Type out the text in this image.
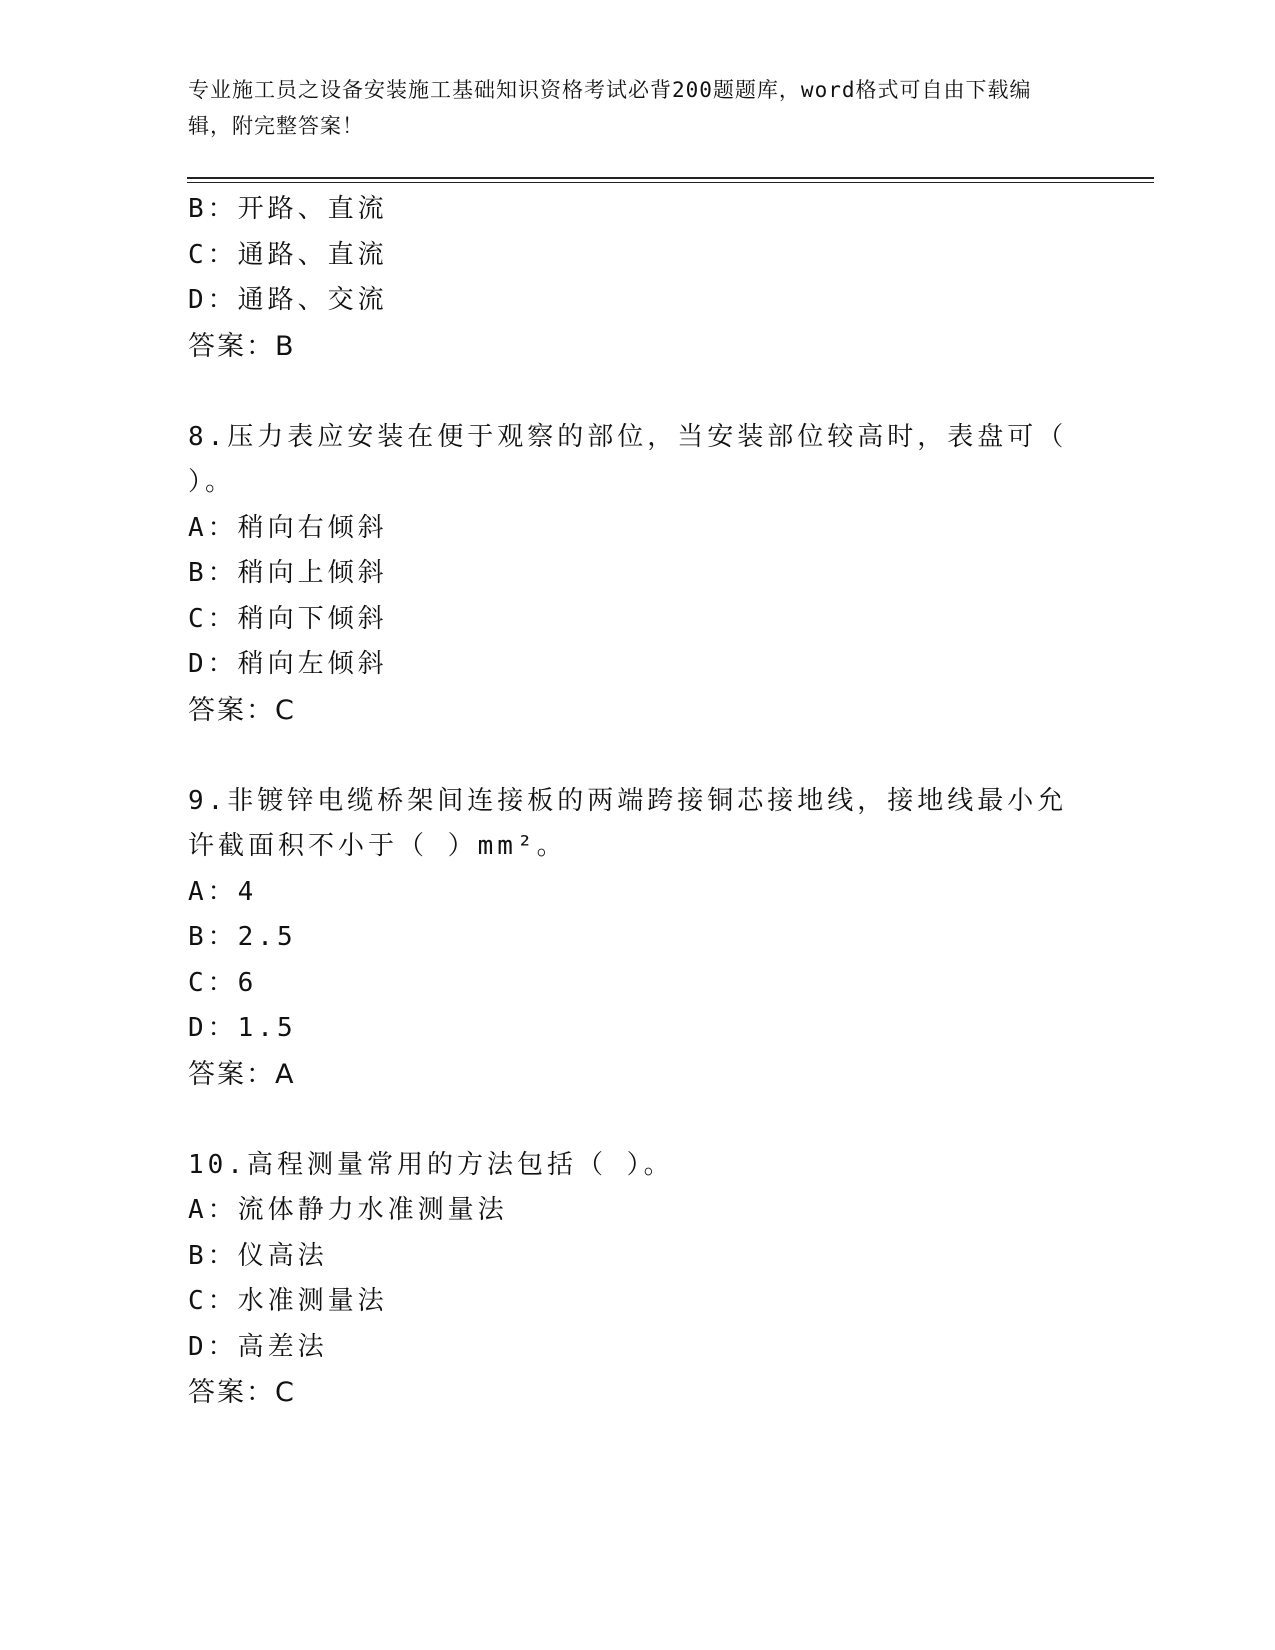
专业施工员之设备安装施工基础知识资格考试必背200题题库，word格式可自由下载编辑，附完整答案！
B：开路、直流
C：通路、直流
D：通路、交流
答案：B
8.压力表应安装在便于观察的部位，当安装部位较高时，表盘可（ ）。
A：稍向右倾斜
B：稍向上倾斜
C：稍向下倾斜
D：稍向左倾斜
答案：C
9.非镀锌电缆桥架间连接板的两端跨接铜芯接地线，接地线最小允许截面积不小于（ ）mm²。
A：4
B：2.5
C：6
D：1.5
答案：A
10.高程测量常用的方法包括（ ）。
A：流体静力水准测量法
B：仪高法
C：水准测量法
D：高差法
答案：C
